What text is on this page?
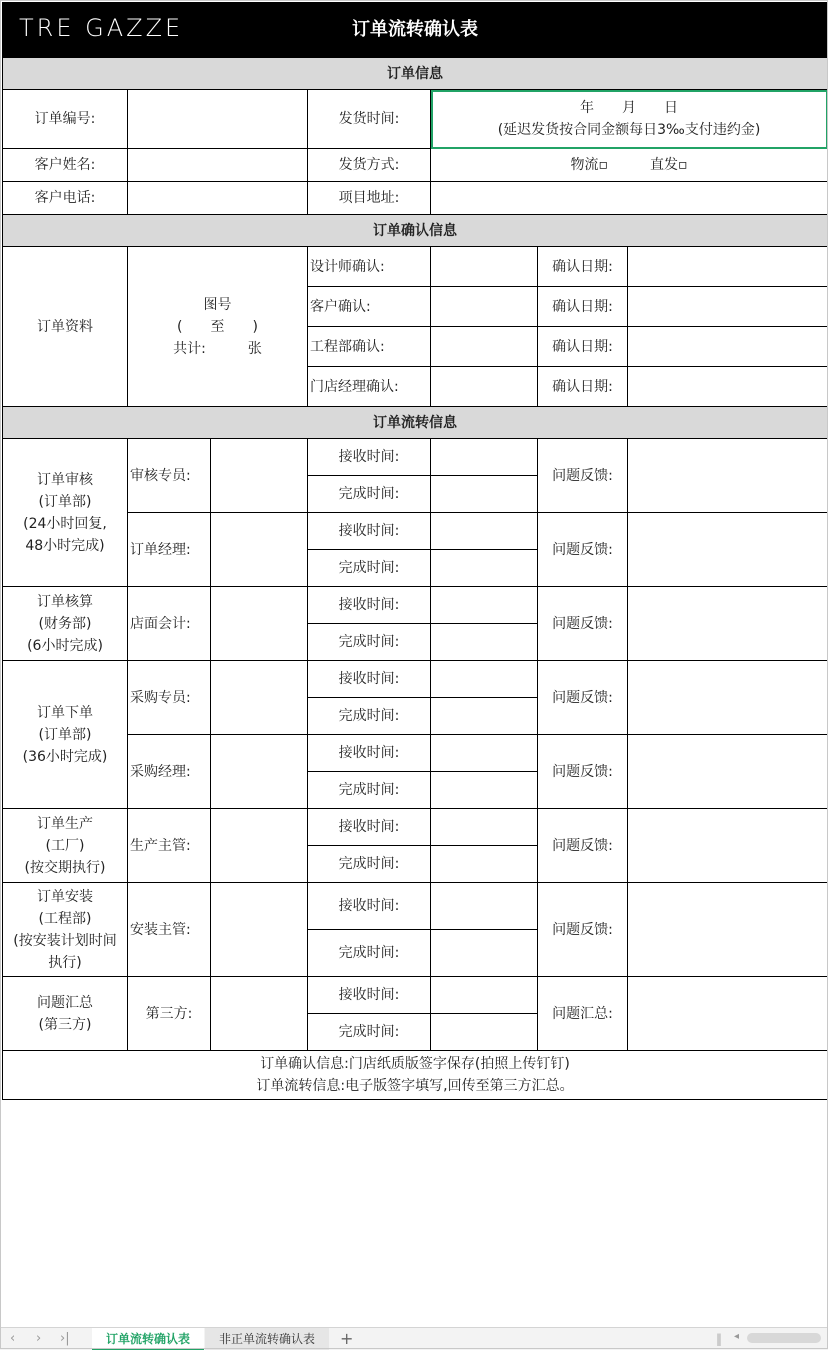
TRE GAZZE 订单流转确认表						
订单信息						
订单编号:			发货时间:	年　　月　　日
(延迟发货按合同金额每日3‰支付违约金)		

客户姓名:			发货方式:	物流▫　　　直发▫		
客户电话:			项目地址:			
订单确认信息						
订单资料	图号
(　　至　　)
共计:　　　张		设计师确认:		确认日期:	
			客户确认:		确认日期:	
			工程部确认:		确认日期:	
			门店经理确认:		确认日期:	
订单流转信息						

订单审核
(订单部)
(24小时回复,
48小时完成)	审核专员:		接收时间:		问题反馈:	
			完成时间:			
	订单经理:		接收时间:		问题反馈:	
			完成时间:			

订单核算
(财务部)
(6小时完成)	店面会计:		接收时间:		问题反馈:	
			完成时间:			

订单下单
(订单部)
(36小时完成)	采购专员:		接收时间:		问题反馈:	
			完成时间:			
	采购经理:		接收时间:		问题反馈:	
			完成时间:			

订单生产
(工厂)
(按交期执行)	生产主管:		接收时间:		问题反馈:	
			完成时间:			

订单安装
(工程部)
(按安装计划时间
执行)	安装主管:		接收时间:		问题反馈:	
			完成时间:			

问题汇总
(第三方)	第三方:		接收时间:		问题汇总:	
			完成时间:			

订单确认信息:门店纸质版签字保存(拍照上传钉钉)
订单流转信息:电子版签字填写,回传至第三方汇总。						
‹ › ›|	订单流转确认表	非正单流转确认表	+	‖ ◂
